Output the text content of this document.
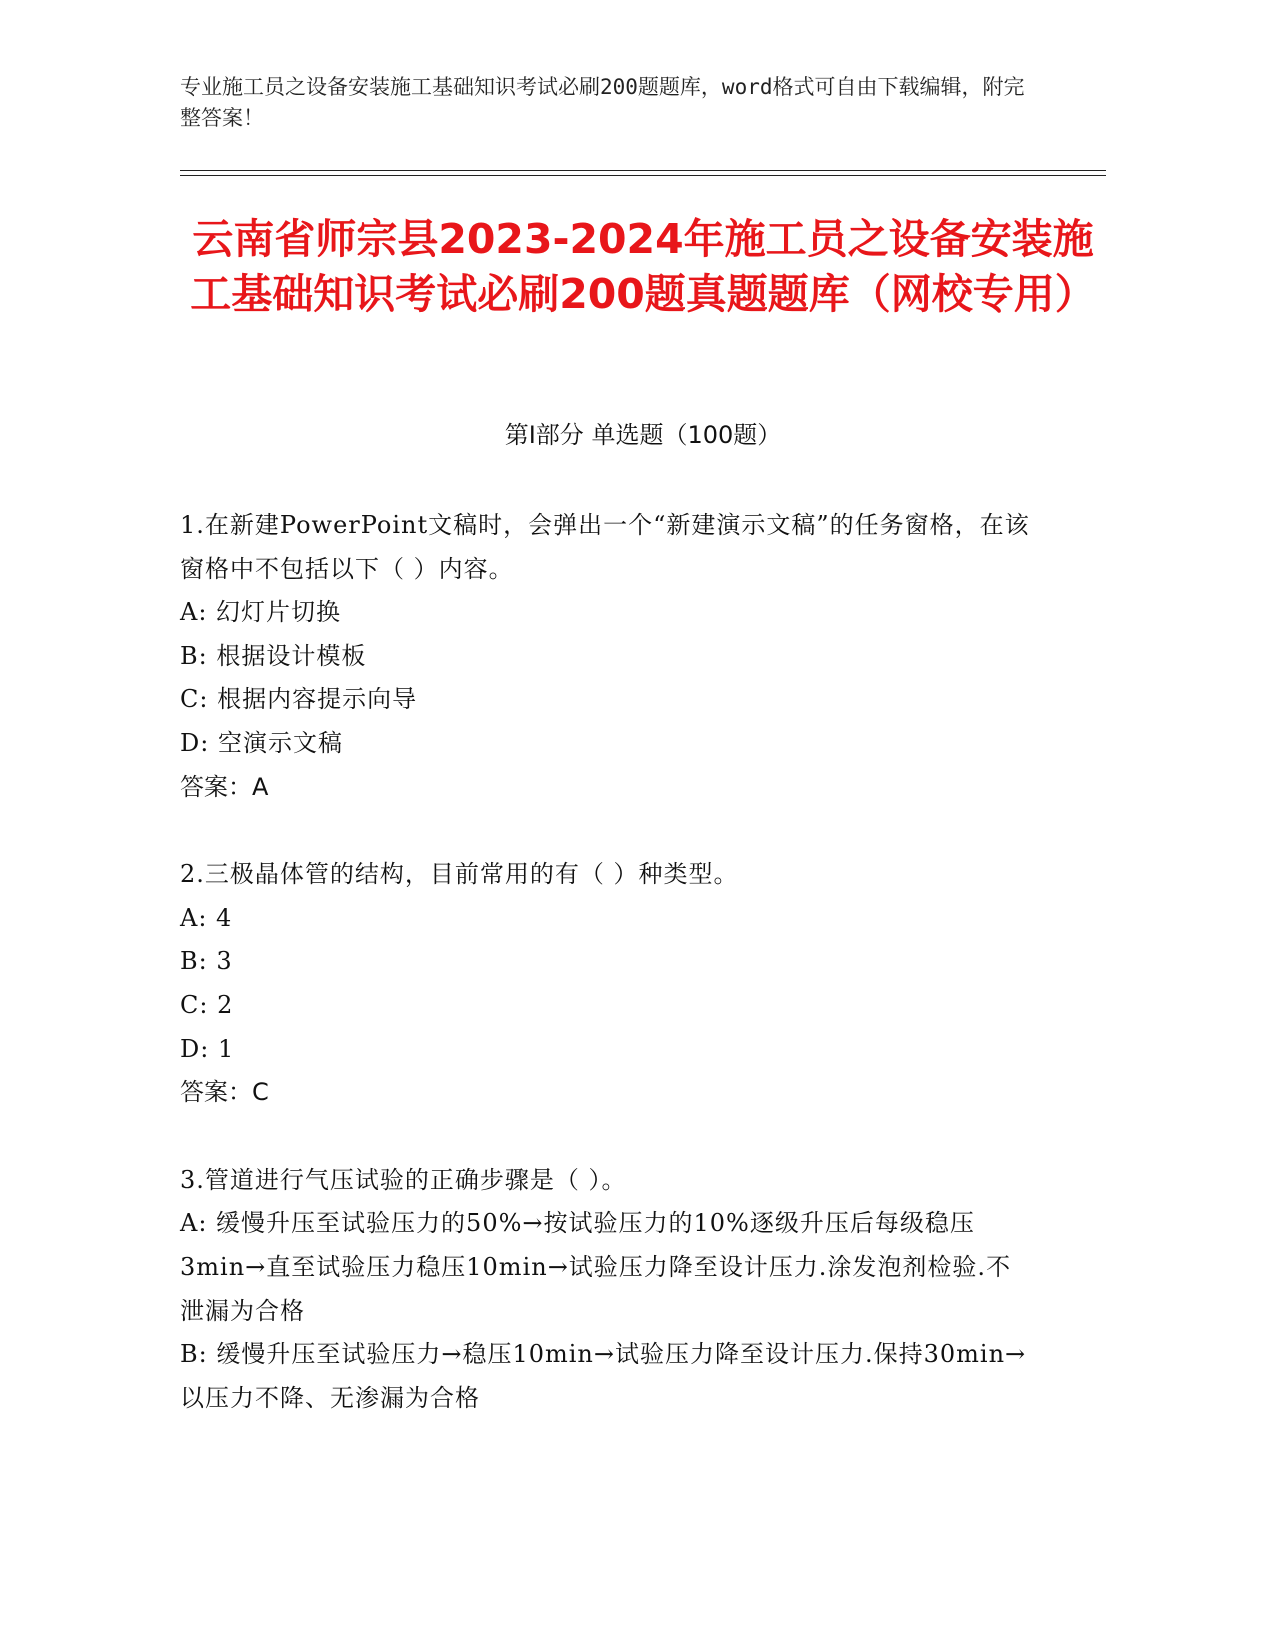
专业施工员之设备安装施工基础知识考试必刷200题题库，word格式可自由下载编辑，附完整答案！
云南省师宗县2023-2024年施工员之设备安装施工基础知识考试必刷200题真题题库（网校专用）
第I部分 单选题（100题）
1.在新建PowerPoint文稿时，会弹出一个“新建演示文稿”的任务窗格，在该窗格中不包括以下（ ）内容。
A: 幻灯片切换
B: 根据设计模板
C: 根据内容提示向导
D: 空演示文稿
答案：A
2.三极晶体管的结构，目前常用的有（ ）种类型。
A: 4
B: 3
C: 2
D: 1
答案：C
3.管道进行气压试验的正确步骤是（ ）。
A: 缓慢升压至试验压力的50%→按试验压力的10%逐级升压后每级稳压3min→直至试验压力稳压10min→试验压力降至设计压力.涂发泡剂检验.不泄漏为合格
B: 缓慢升压至试验压力→稳压10min→试验压力降至设计压力.保持30min→以压力不降、无渗漏为合格
